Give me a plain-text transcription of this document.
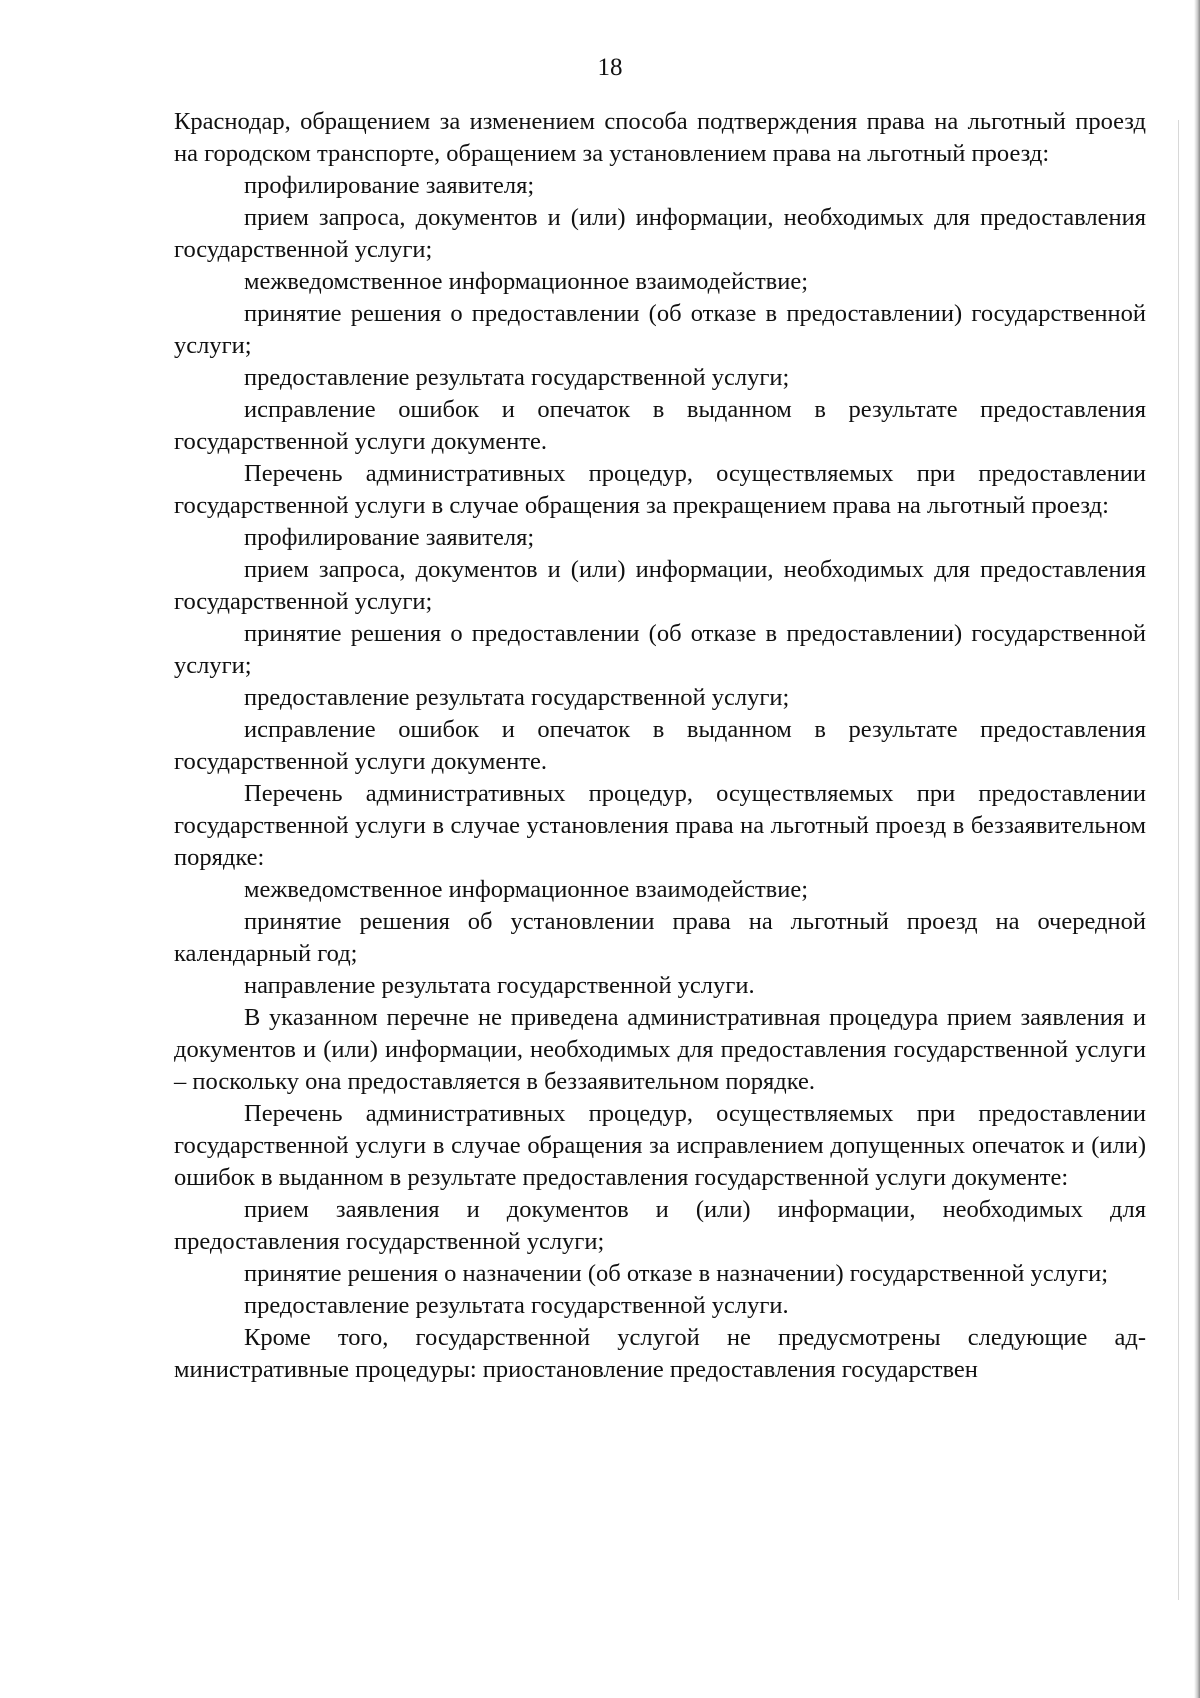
18

Краснодар, обращением за изменением способа подтверждения права на льготный проезд на городском транспорте, обращением за установлением права на льготный проезд:

профилирование заявителя;

прием запроса, документов и (или) информации, необходимых для предоставления государственной услуги;

межведомственное информационное взаимодействие;

принятие решения о предоставлении (об отказе в предоставлении) государственной услуги;

предоставление результата государственной услуги;

исправление ошибок и опечаток в выданном в результате предоставления государственной услуги документе.

Перечень административных процедур, осуществляемых при предоставлении государственной услуги в случае обращения за прекращением права на льготный проезд:

профилирование заявителя;

прием запроса, документов и (или) информации, необходимых для предоставления государственной услуги;

принятие решения о предоставлении (об отказе в предоставлении) государственной услуги;

предоставление результата государственной услуги;

исправление ошибок и опечаток в выданном в результате предоставления государственной услуги документе.

Перечень административных процедур, осуществляемых при предоставлении государственной услуги в случае установления права на льготный проезд в беззаявительном порядке:

межведомственное информационное взаимодействие;

принятие решения об установлении права на льготный проезд на очередной календарный год;

направление результата государственной услуги.

В указанном перечне не приведена административная процедура прием заявления и документов и (или) информации, необходимых для предоставления государственной услуги – поскольку она предоставляется в беззаявительном порядке.

Перечень административных процедур, осуществляемых при предоставлении государственной услуги в случае обращения за исправлением допущенных опечаток и (или) ошибок в выданном в результате предоставления государственной услуги документе:

прием заявления и документов и (или) информации, необходимых для предоставления государственной услуги;

принятие решения о назначении (об отказе в назначении) государственной услуги;

предоставление результата государственной услуги.

Кроме того, государственной услугой не предусмотрены следующие административные процедуры: приостановление предоставления государствен
